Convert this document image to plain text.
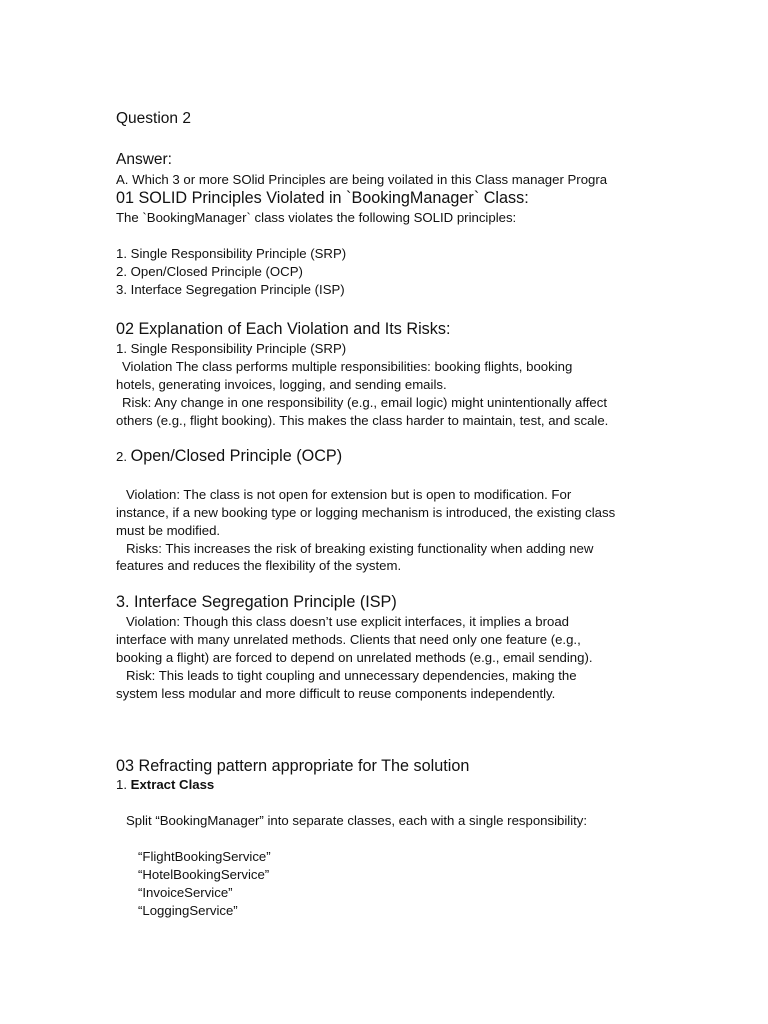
Question 2
Answer:
A. Which 3 or more SOlid Principles are being voilated in this Class manager Progra
01 SOLID Principles Violated in `BookingManager` Class:
The `BookingManager` class violates the following SOLID principles:
1. Single Responsibility Principle (SRP)
2. Open/Closed Principle (OCP)
3. Interface Segregation Principle (ISP)
02 Explanation of Each Violation and Its Risks:
1. Single Responsibility Principle (SRP)
Violation The class performs multiple responsibilities: booking flights, booking
hotels, generating invoices, logging, and sending emails.
Risk: Any change in one responsibility (e.g., email logic) might unintentionally affect
others (e.g., flight booking). This makes the class harder to maintain, test, and scale.
2. Open/Closed Principle (OCP)
Violation: The class is not open for extension but is open to modification. For
instance, if a new booking type or logging mechanism is introduced, the existing class
must be modified.
Risks: This increases the risk of breaking existing functionality when adding new
features and reduces the flexibility of the system.
3. Interface Segregation Principle (ISP)
Violation: Though this class doesn’t use explicit interfaces, it implies a broad
interface with many unrelated methods. Clients that need only one feature (e.g.,
booking a flight) are forced to depend on unrelated methods (e.g., email sending).
Risk: This leads to tight coupling and unnecessary dependencies, making the
system less modular and more difficult to reuse components independently.
03 Refracting pattern appropriate for The solution
1. Extract Class
Split “BookingManager” into separate classes, each with a single responsibility:
“FlightBookingService”
“HotelBookingService”
“InvoiceService”
“LoggingService”
